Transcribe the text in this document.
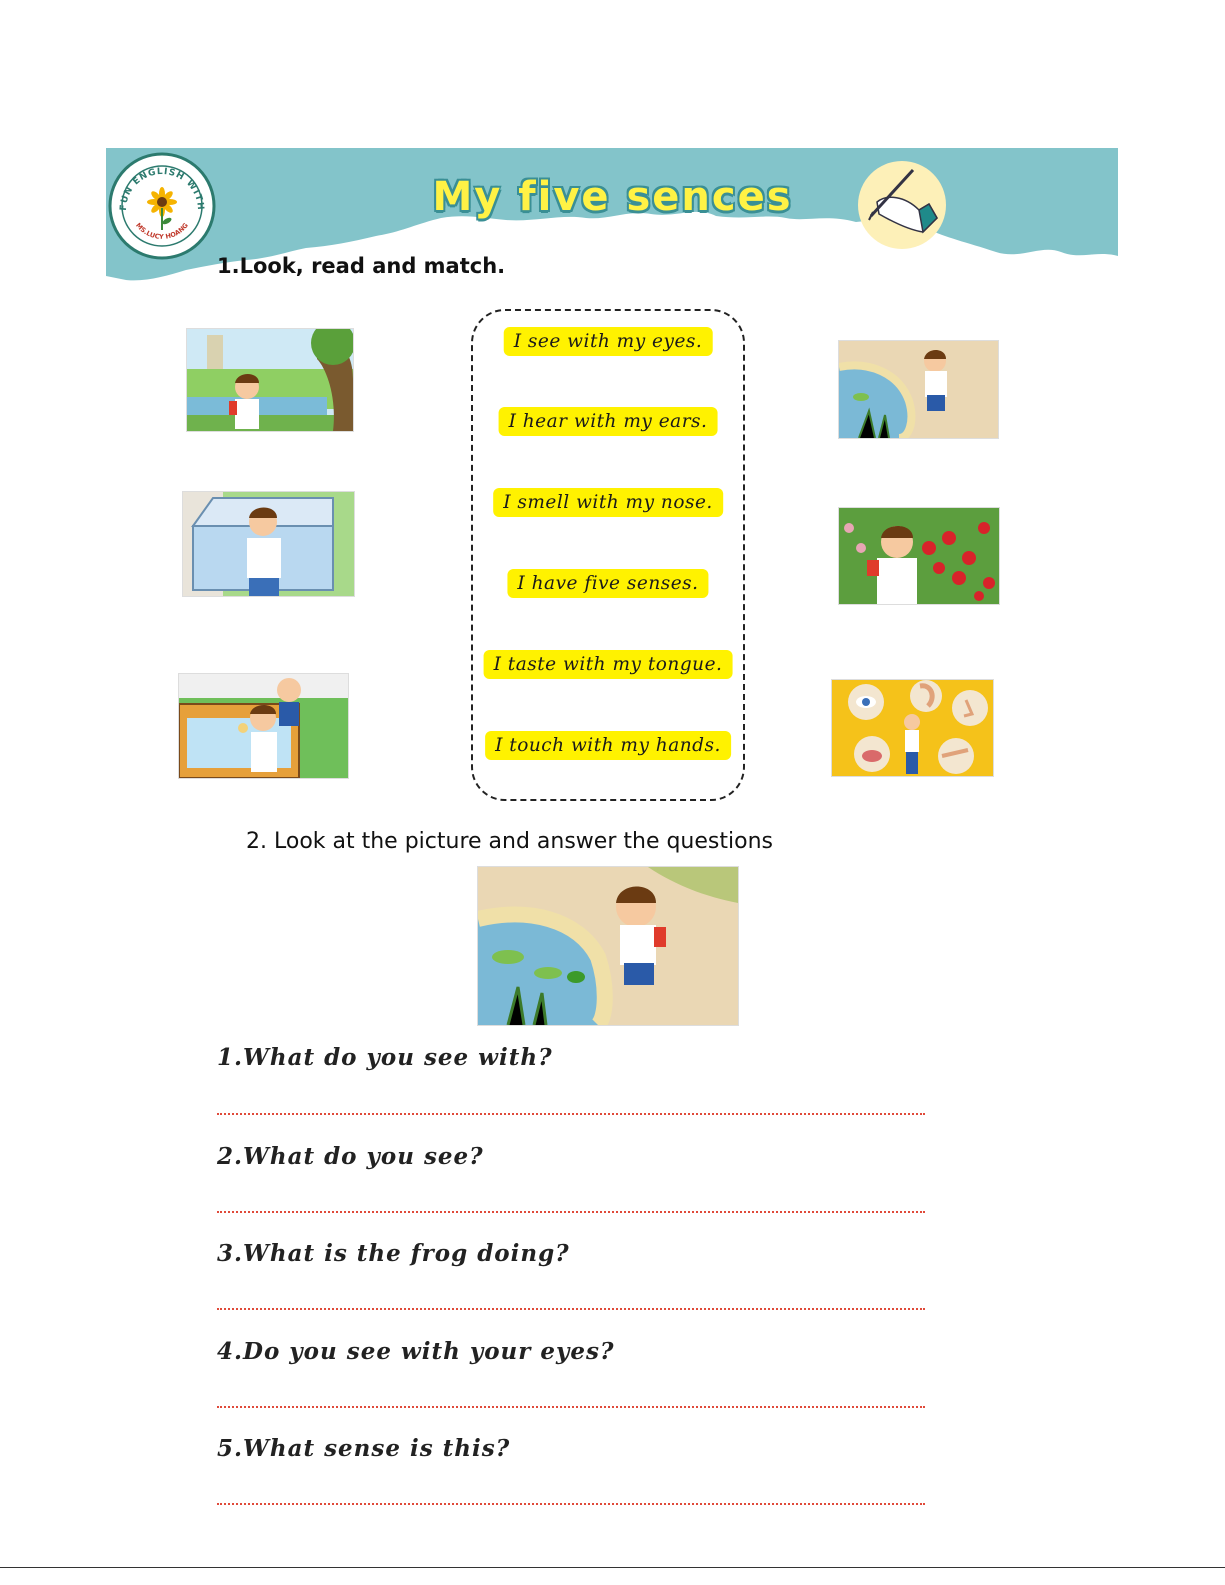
FUN ENGLISH WITH
MS.LUCY HOANG
My five sences
1.Look, read and match.
I see with my eyes.
I hear with my ears.
I smell with my nose.
I have five senses.
I taste with my tongue.
I touch with my hands.
2. Look at the picture and answer the questions
1.What do you see with?
2.What do you see?
3.What is the frog doing?
4.Do you see with your eyes?
5.What sense is this?
